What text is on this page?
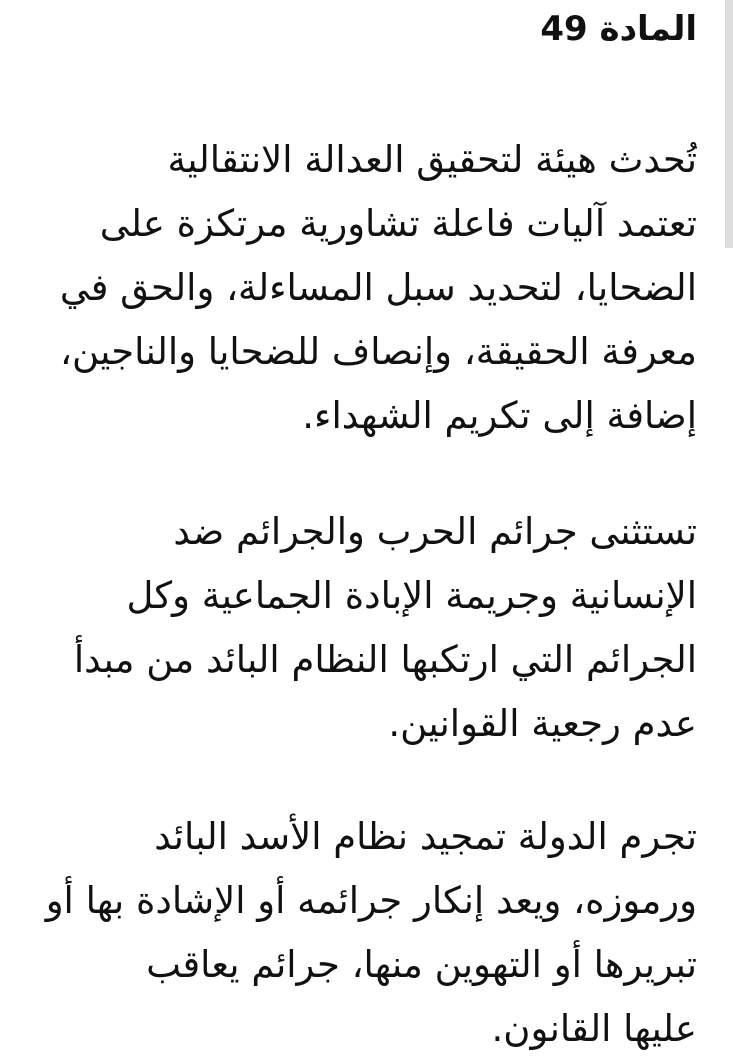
المادة 49
تُحدث هيئة لتحقيق العدالة الانتقالية
تعتمد آليات فاعلة تشاورية مرتكزة على
الضحايا، لتحديد سبل المساءلة، والحق في
معرفة الحقيقة، وإنصاف للضحايا والناجين،
إضافة إلى تكريم الشهداء.
تستثنى جرائم الحرب والجرائم ضد
الإنسانية وجريمة الإبادة الجماعية وكل
الجرائم التي ارتكبها النظام البائد من مبدأ
عدم رجعية القوانين.
تجرم الدولة تمجيد نظام الأسد البائد
ورموزه، ويعد إنكار جرائمه أو الإشادة بها أو
تبريرها أو التهوين منها، جرائم يعاقب
عليها القانون.
